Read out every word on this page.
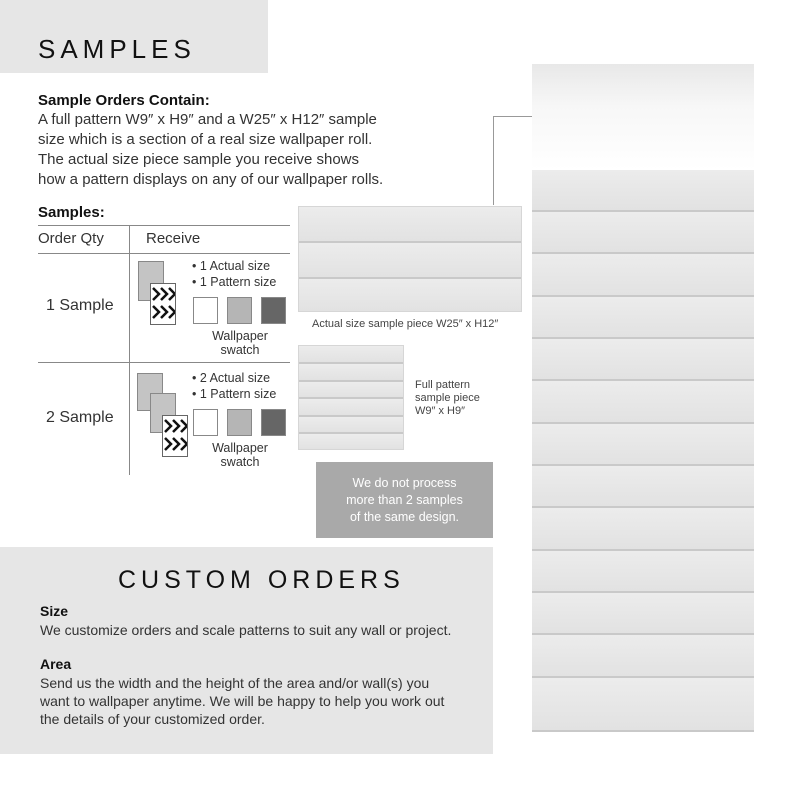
SAMPLES
Sample Orders Contain:
A full pattern W9″ x H9″ and a W25″ x H12″ sample
size which is a section of a real size wallpaper roll.
The actual size piece sample you receive shows
how a pattern displays on any of our wallpaper rolls.
Samples:
Order Qty	Receive
1 Sample
• 1 Actual size
• 1 Pattern size
Wallpaper
swatch
2 Sample
• 2 Actual size
• 1 Pattern size
Wallpaper
swatch
Actual size sample piece W25″ x H12″
Full pattern
sample piece
W9″ x H9″
We do not process
more than 2 samples
of the same design.
CUSTOM ORDERS
Size
We customize orders and scale patterns to suit any wall or project.
Area
Send us the width and the height of the area and/or wall(s) you
want to wallpaper anytime. We will be happy to help you work out
the details of your customized order.
